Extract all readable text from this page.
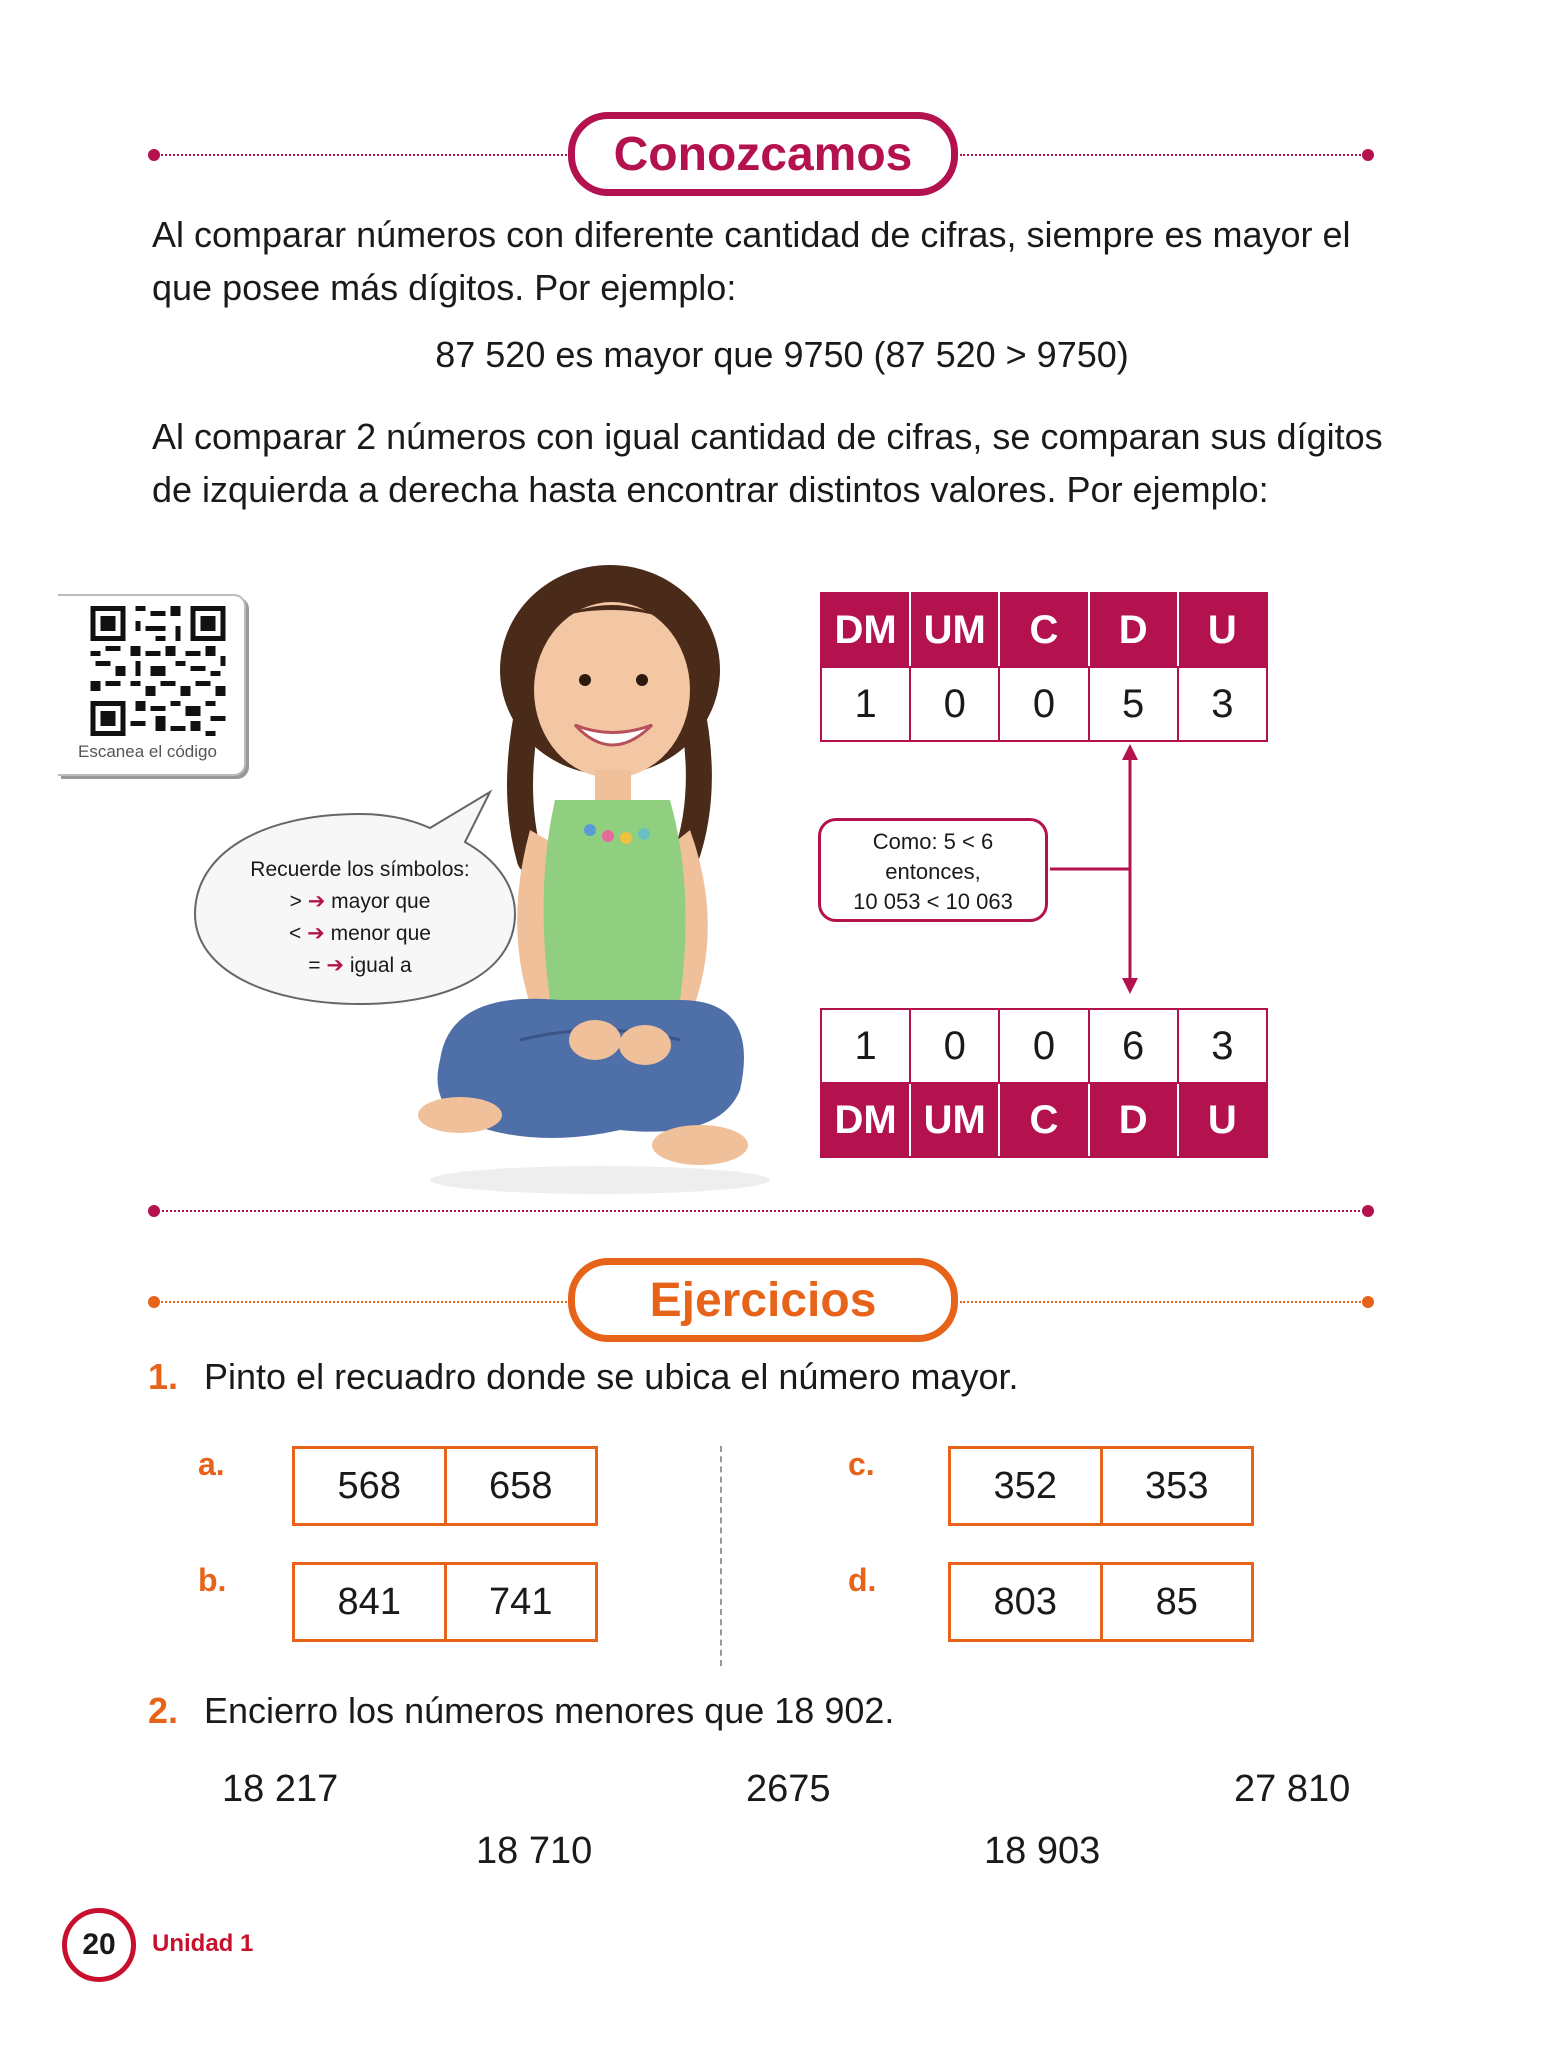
Conozcamos
Al comparar números con diferente cantidad de cifras, siempre es mayor el que posee más dígitos. Por ejemplo:
87 520 es mayor que 9750 (87 520 > 9750)
Al comparar 2 números con igual cantidad de cifras, se comparan sus dígitos de izquierda a derecha hasta encontrar distintos valores. Por ejemplo:
Escanea el código
Recuerde los símbolos:
> ➔ mayor que
< ➔ menor que
= ➔ igual a
DM	UM	C	D	U
1	0	0	5	3
Como: 5 < 6
entonces,
10 053 < 10 063
1	0	0	6	3
DM	UM	C	D	U
Ejercicios
1. Pinto el recuadro donde se ubica el número mayor.
a.
568	658
b.
841	741
c.
352	353
d.
803	85
2. Encierro los números menores que 18 902.
18 217	2675	27 810
18 710	18 903
20 Unidad 1
